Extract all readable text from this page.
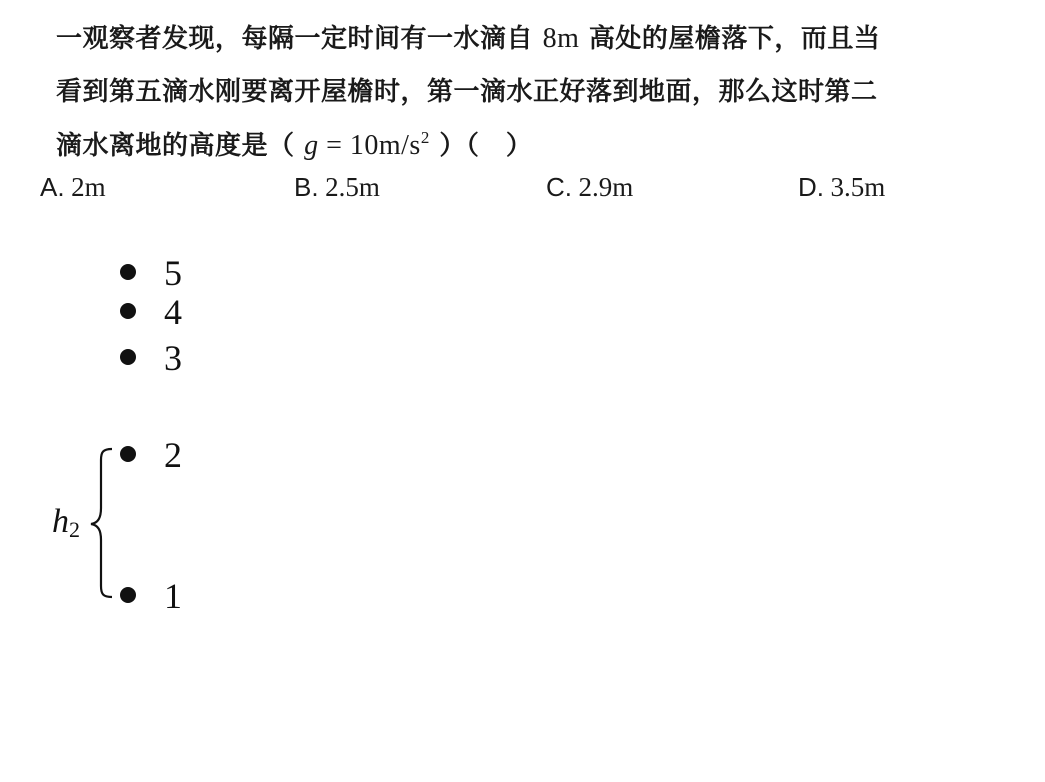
一观察者发现，每隔一定时间有一水滴自 8m 高处的屋檐落下，而且当
看到第五滴水刚要离开屋檐时，第一滴水正好落到地面，那么这时第二
滴水离地的高度是（ $g = 10m/s^2$ ）（　）
A. 2m	B. 2.5m	C. 2.9m	D. 3.5m
5
4
3
2
1
h2
